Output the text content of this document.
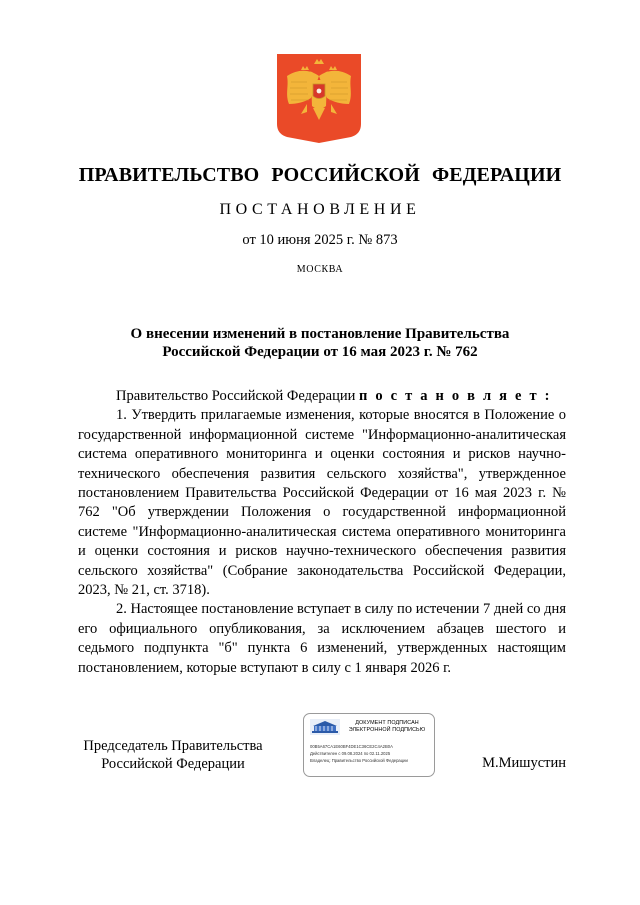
ПРАВИТЕЛЬСТВО РОССИЙСКОЙ ФЕДЕРАЦИИ
ПОСТАНОВЛЕНИЕ
от 10 июня 2025 г. № 873
МОСКВА
О внесении изменений в постановление Правительства
Российской Федерации от 16 мая 2023 г. № 762

Правительство Российской Федерации п о с т а н о в л я е т :

1. Утвердить прилагаемые изменения, которые вносятся в Положение о государственной информационной системе "Информационно-аналитическая система оперативного мониторинга и оценки состояния и рисков научно-технического обеспечения развития сельского хозяйства", утвержденное постановлением Правительства Российской Федерации от 16 мая 2023 г. № 762 "Об утверждении Положения о государственной информационной системе "Информационно-аналитическая система оперативного мониторинга и оценки состояния и рисков научно-технического обеспечения развития сельского хозяйства" (Собрание законодательства Российской Федерации, 2023, № 21, ст. 3718).

2. Настоящее постановление вступает в силу по истечении 7 дней со дня его официального опубликования, за исключением абзацев шестого и седьмого подпункта "б" пункта 6 изменений, утвержденных настоящим постановлением, которые вступают в силу с 1 января 2026 г.

Председатель Правительства
Российской Федерации
ДОКУМЕНТ ПОДПИСАН
ЭЛЕКТРОННОЙ ПОДПИСЬЮ
00B5A67CA1E60BF4DE1C36CE2C4A2B0A
Действителен с 09.08.2024 по 02.11.2025
Владелец: Правительство Российской Федерации	М.Мишустин
